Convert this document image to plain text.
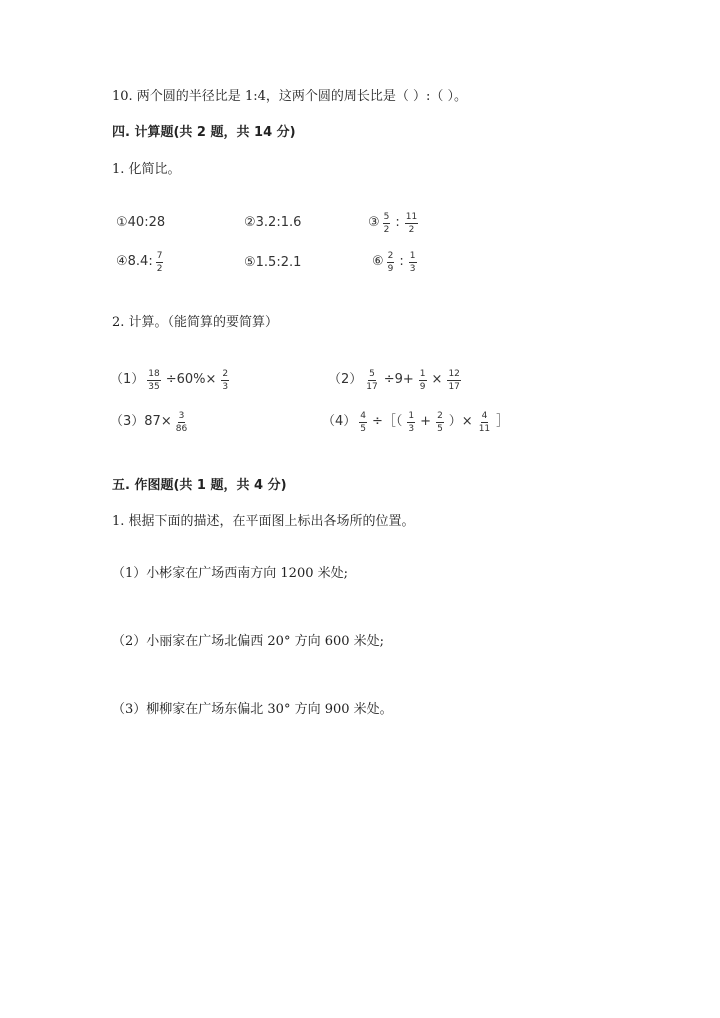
10. 两个圆的半径比是 1:4，这两个圆的周长比是（ ）:（ ）。
四. 计算题(共 2 题，共 14 分)
1. 化简比。
① 40:28	② 3.2:1.6	③ $\frac{5}{2}$ : $\frac{11}{2}$
④ 8.4: $\frac{7}{2}$	⑤ 1.5:2.1	⑥ $\frac{2}{9}$ : $\frac{1}{3}$
2. 计算。（能简算的要简算）
$(1) \frac{18}{35} \div 60\%\times \frac{2}{3}$	$(2) \frac{5}{17} \div 9+ \frac{1}{9} \times \frac{12}{17}$
（3） $87\times \frac{3}{86}$	$(4) \frac{4}{5}$ ÷［（ $\frac{1}{3} + \frac{2}{5}$ ）× $\frac{4}{11}$ ］
五. 作图题(共 1 题，共 4 分)
1. 根据下面的描述，在平面图上标出各场所的位置。
（1）小彬家在广场西南方向 1200 米处;
（2）小丽家在广场北偏西 20° 方向 600 米处;
（3）柳柳家在广场东偏北 30° 方向 900 米处。
